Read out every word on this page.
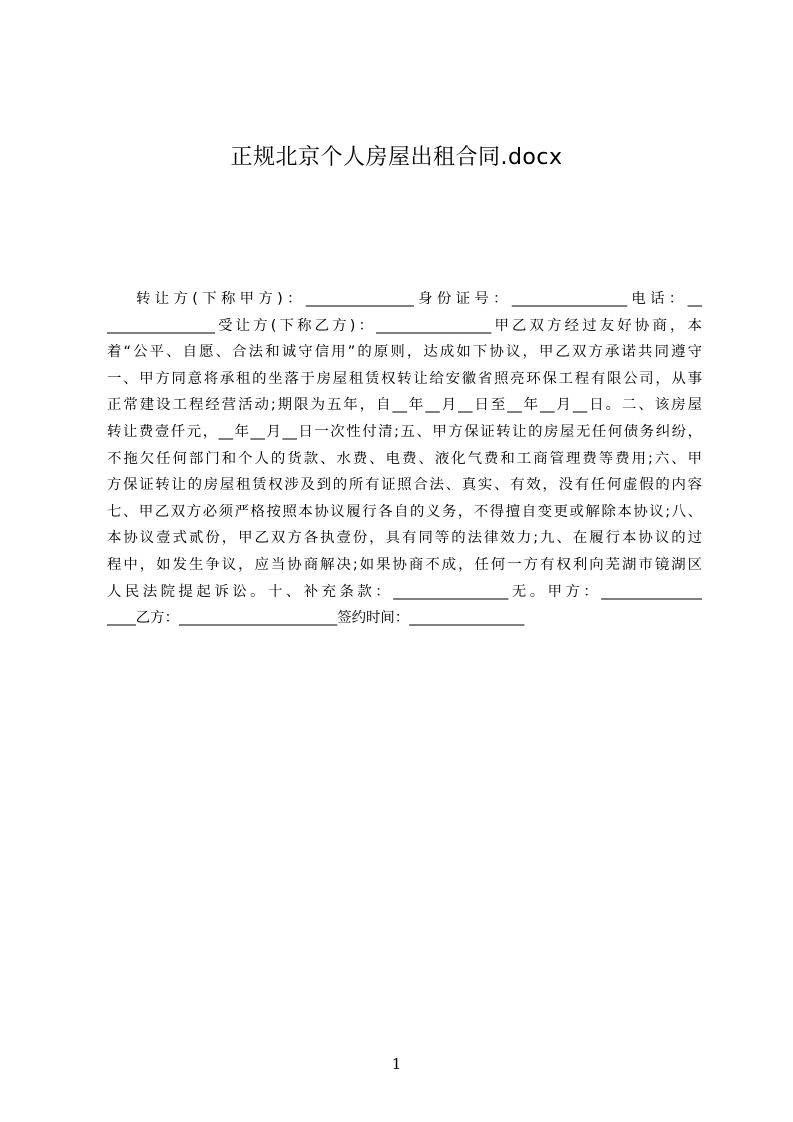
正规北京个人房屋出租合同.docx
转让方(下称甲方)：_______________身份证号：________________电话：__
_______________受让方(下称乙方)：________________甲乙双方经过友好协商，本
着“公平、自愿、合法和诚守信用”的原则，达成如下协议，甲乙双方承诺共同遵守
一、甲方同意将承租的坐落于房屋租赁权转让给安徽省照亮环保工程有限公司，从事
正常建设工程经营活动;期限为五年，自__年__月__日至__年__月__日。二、该房屋
转让费壹仟元，__年__月__日一次性付清;五、甲方保证转让的房屋无任何债务纠纷，
不拖欠任何部门和个人的货款、水费、电费、液化气费和工商管理费等费用;六、甲
方保证转让的房屋租赁权涉及到的所有证照合法、真实、有效，没有任何虚假的内容
七、甲乙双方必须严格按照本协议履行各自的义务，不得擅自变更或解除本协议;八、
本协议壹式贰份，甲乙双方各执壹份，具有同等的法律效力;九、在履行本协议的过
程中，如发生争议，应当协商解决;如果协商不成，任何一方有权利向芜湖市镜湖区
人民法院提起诉讼。十、补充条款：________________无。甲方：______________
____乙方：______________________签约时间：________________
1
